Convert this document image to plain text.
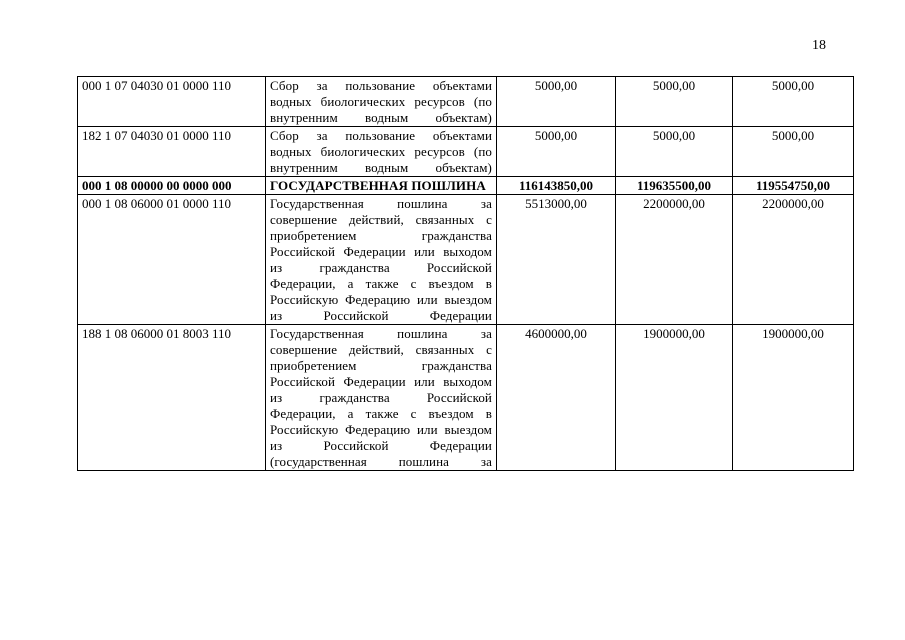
18
000 1 07 04030 01 0000 110	Сбор за пользование объектами водных биологических ресурсов (по внутренним водным объектам)	5000,00	5000,00	5000,00
182 1 07 04030 01 0000 110	Сбор за пользование объектами водных биологических ресурсов (по внутренним водным объектам)	5000,00	5000,00	5000,00
000 1 08 00000 00 0000 000	ГОСУДАРСТВЕННАЯ ПОШЛИНА	116143850,00	119635500,00	119554750,00
000 1 08 06000 01 0000 110	Государственная пошлина за совершение действий, связанных с приобретением гражданства Российской Федерации или выходом из гражданства Российской Федерации, а также с въездом в Российскую Федерацию или выездом из Российской Федерации	5513000,00	2200000,00	2200000,00
188 1 08 06000 01 8003 110	Государственная пошлина за совершение действий, связанных с приобретением гражданства Российской Федерации или выходом из гражданства Российской Федерации, а также с въездом в Российскую Федерацию или выездом из Российской Федерации (государственная пошлина за	4600000,00	1900000,00	1900000,00
